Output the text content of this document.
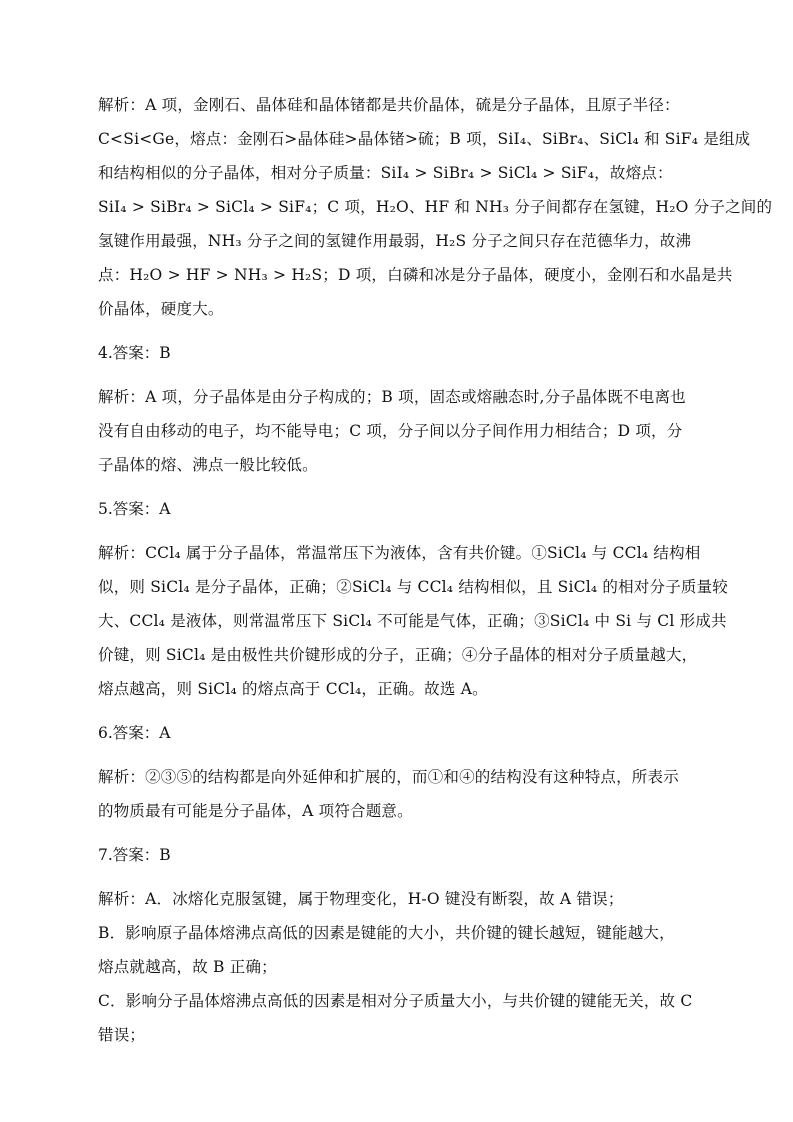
解析：A 项，金刚石、晶体硅和晶体锗都是共价晶体，硫是分子晶体，且原子半径：
C<Si<Ge，熔点：金刚石>晶体硅>晶体锗>硫；B 项，SiI₄、SiBr₄、SiCl₄ 和 SiF₄ 是组成
和结构相似的分子晶体，相对分子质量：SiI₄ > SiBr₄ > SiCl₄ > SiF₄，故熔点：
SiI₄ > SiBr₄ > SiCl₄ > SiF₄；C 项，H₂O、HF 和 NH₃ 分子间都存在氢键，H₂O 分子之间的
氢键作用最强，NH₃ 分子之间的氢键作用最弱，H₂S 分子之间只存在范德华力，故沸
点：H₂O > HF > NH₃ > H₂S；D 项，白磷和冰是分子晶体，硬度小，金刚石和水晶是共
价晶体，硬度大。
4.答案：B
解析：A 项，分子晶体是由分子构成的；B 项，固态或熔融态时,分子晶体既不电离也
没有自由移动的电子，均不能导电；C 项，分子间以分子间作用力相结合；D 项，分
子晶体的熔、沸点一般比较低。
5.答案：A
解析：CCl₄ 属于分子晶体，常温常压下为液体，含有共价键。①SiCl₄ 与 CCl₄ 结构相
似，则 SiCl₄ 是分子晶体，正确；②SiCl₄ 与 CCl₄ 结构相似，且 SiCl₄ 的相对分子质量较
大、CCl₄ 是液体，则常温常压下 SiCl₄ 不可能是气体，正确；③SiCl₄ 中 Si 与 Cl 形成共
价键，则 SiCl₄ 是由极性共价键形成的分子，正确；④分子晶体的相对分子质量越大，
熔点越高，则 SiCl₄ 的熔点高于 CCl₄，正确。故选 A。
6.答案：A
解析：②③⑤的结构都是向外延伸和扩展的，而①和④的结构没有这种特点，所表示
的物质最有可能是分子晶体，A 项符合题意。
7.答案：B
解析：A．冰熔化克服氢键，属于物理变化，H-O 键没有断裂，故 A 错误；
B．影响原子晶体熔沸点高低的因素是键能的大小，共价键的键长越短，键能越大，
熔点就越高，故 B 正确；
C．影响分子晶体熔沸点高低的因素是相对分子质量大小，与共价键的键能无关，故 C
错误；
